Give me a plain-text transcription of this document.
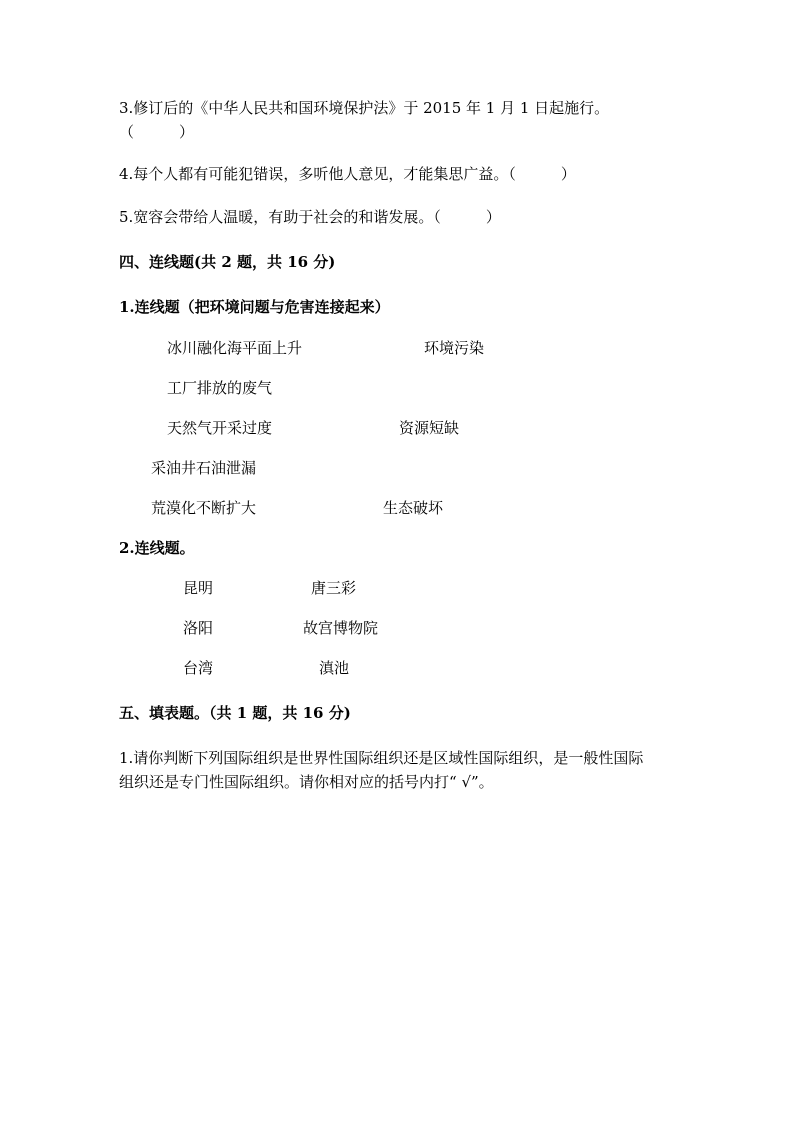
3.修订后的《中华人民共和国环境保护法》于 2015 年 1 月 1 日起施行。
（　　　）
4.每个人都有可能犯错误，多听他人意见，才能集思广益。（　　　）
5.宽容会带给人温暖，有助于社会的和谐发展。（　　　）
四、连线题(共 2 题，共 16 分)
1.连线题（把环境问题与危害连接起来）
冰川融化海平面上升	环境污染
工厂排放的废气
天然气开采过度	资源短缺
采油井石油泄漏
荒漠化不断扩大	生态破坏
2.连线题。
昆明	唐三彩
洛阳	故宫博物院
台湾	滇池
五、填表题。（共 1 题，共 16 分)
1.请你判断下列国际组织是世界性国际组织还是区域性国际组织，是一般性国际
组织还是专门性国际组织。请你相对应的括号内打“ √”。
